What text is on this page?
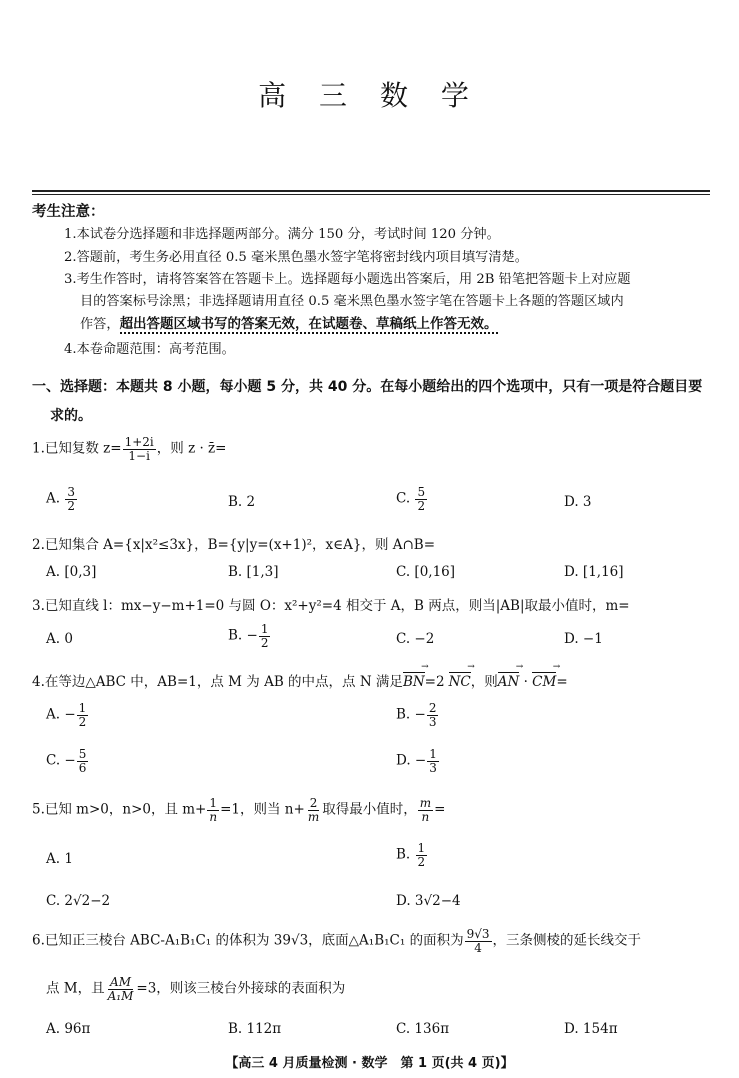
高 三 数 学
考生注意：
1.本试卷分选择题和非选择题两部分。满分 150 分，考试时间 120 分钟。
2.答题前，考生务必用直径 0.5 毫米黑色墨水签字笔将密封线内项目填写清楚。
3.考生作答时，请将答案答在答题卡上。选择题每小题选出答案后，用 2B 铅笔把答题卡上对应题
目的答案标号涂黑；非选择题请用直径 0.5 毫米黑色墨水签字笔在答题卡上各题的答题区域内
作答，超出答题区域书写的答案无效，在试题卷、草稿纸上作答无效。
4.本卷命题范围：高考范围。
一、选择题：本题共 8 小题，每小题 5 分，共 40 分。在每小题给出的四个选项中，只有一项是符合题目要
求的。
1.已知复数 $z= \frac{1+2i}{1-i}$ ，则 z · z̄=
A. $\frac{3}{2}$	B. 2	C. $\frac{5}{2}$	D. 3
2.已知集合 A={x|x²≤3x}，B={y|y=(x+1)²，x∈A}，则 A∩B=
A. [0,3]	B. [1,3]	C. [0,16]	D. [1,16]
3.已知直线 l：mx−y−m+1=0 与圆 O：x²+y²=4 相交于 A，B 两点，则当|AB|取最小值时，m=
A. 0	B. − $\frac{1}{2}$	C. −2	D. −1
4.在等边△ABC 中，AB=1，点 M 为 AB 的中点，点 N 满足BN →=2 NC →，则AN → · CM →=
A. − $\frac{1}{2}$	B. − $\frac{2}{3}$
C. − $\frac{5}{6}$	D. − $\frac{1}{3}$
5.已知 m>0，n>0，且 $m+ \frac{1}{n} =1$，则当 $n+ \frac{2}{m}$ 取得最小值时， $\frac{m}{n}$ =
A. 1	B. $\frac{1}{2}$
C. 2√2−2	D. 3√2−4
6.已知正三棱台 ABC-A₁B₁C₁ 的体积为 39√3，底面△A₁B₁C₁ 的面积为 $\frac{9√3}{4}$ ，三条侧棱的延长线交于
点 M，且 $\frac{AM}{\text{A₁M}} =3$，则该三棱台外接球的表面积为
A. 96π	B. 112π	C. 136π	D. 154π
【高三 4 月质量检测 · 数学　第 1 页(共 4 页)】
